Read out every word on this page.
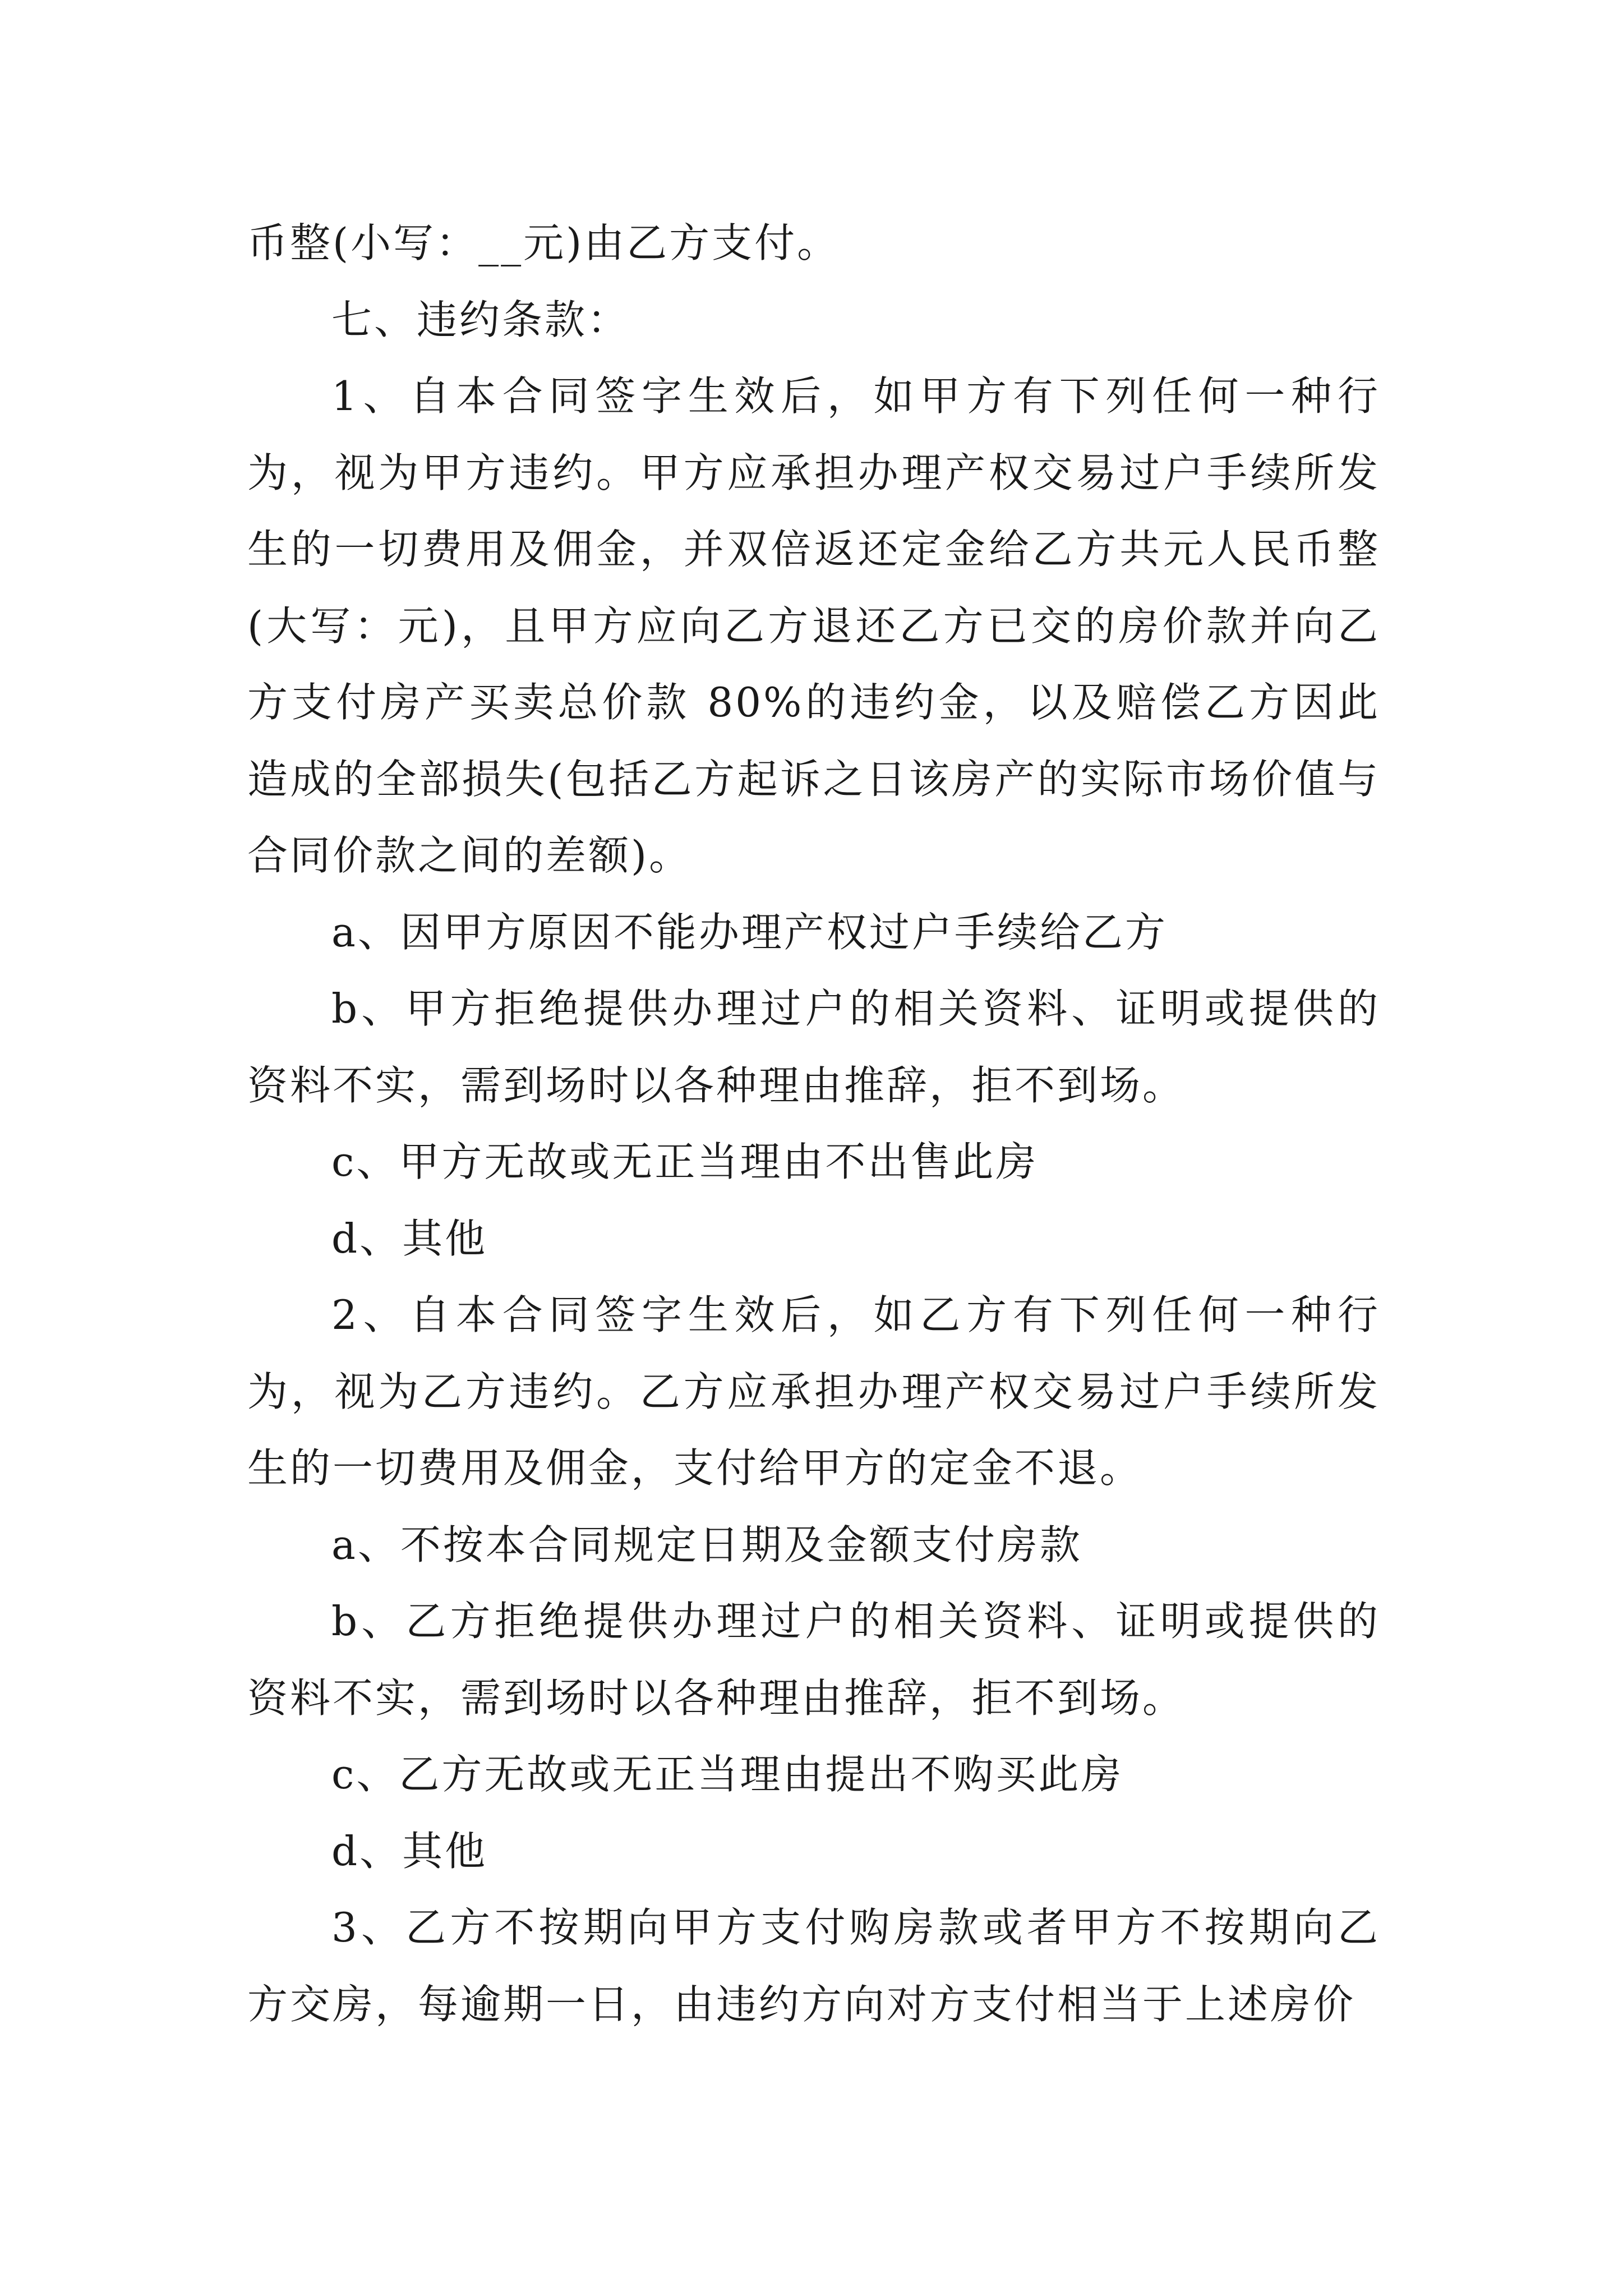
币整(小写：__元)由乙方支付。

七、违约条款：

1、自本合同签字生效后，如甲方有下列任何一种行为，视为甲方违约。甲方应承担办理产权交易过户手续所发生的一切费用及佣金，并双倍返还定金给乙方共元人民币整(大写：元)，且甲方应向乙方退还乙方已交的房价款并向乙方支付房产买卖总价款 80%的违约金，以及赔偿乙方因此造成的全部损失(包括乙方起诉之日该房产的实际市场价值与合同价款之间的差额)。

a、因甲方原因不能办理产权过户手续给乙方

b、甲方拒绝提供办理过户的相关资料、证明或提供的资料不实，需到场时以各种理由推辞，拒不到场。

c、甲方无故或无正当理由不出售此房

d、其他

2、自本合同签字生效后，如乙方有下列任何一种行为，视为乙方违约。乙方应承担办理产权交易过户手续所发生的一切费用及佣金，支付给甲方的定金不退。

a、不按本合同规定日期及金额支付房款

b、乙方拒绝提供办理过户的相关资料、证明或提供的资料不实，需到场时以各种理由推辞，拒不到场。

c、乙方无故或无正当理由提出不购买此房

d、其他

3、乙方不按期向甲方支付购房款或者甲方不按期向乙方交房，每逾期一日，由违约方向对方支付相当于上述房价
